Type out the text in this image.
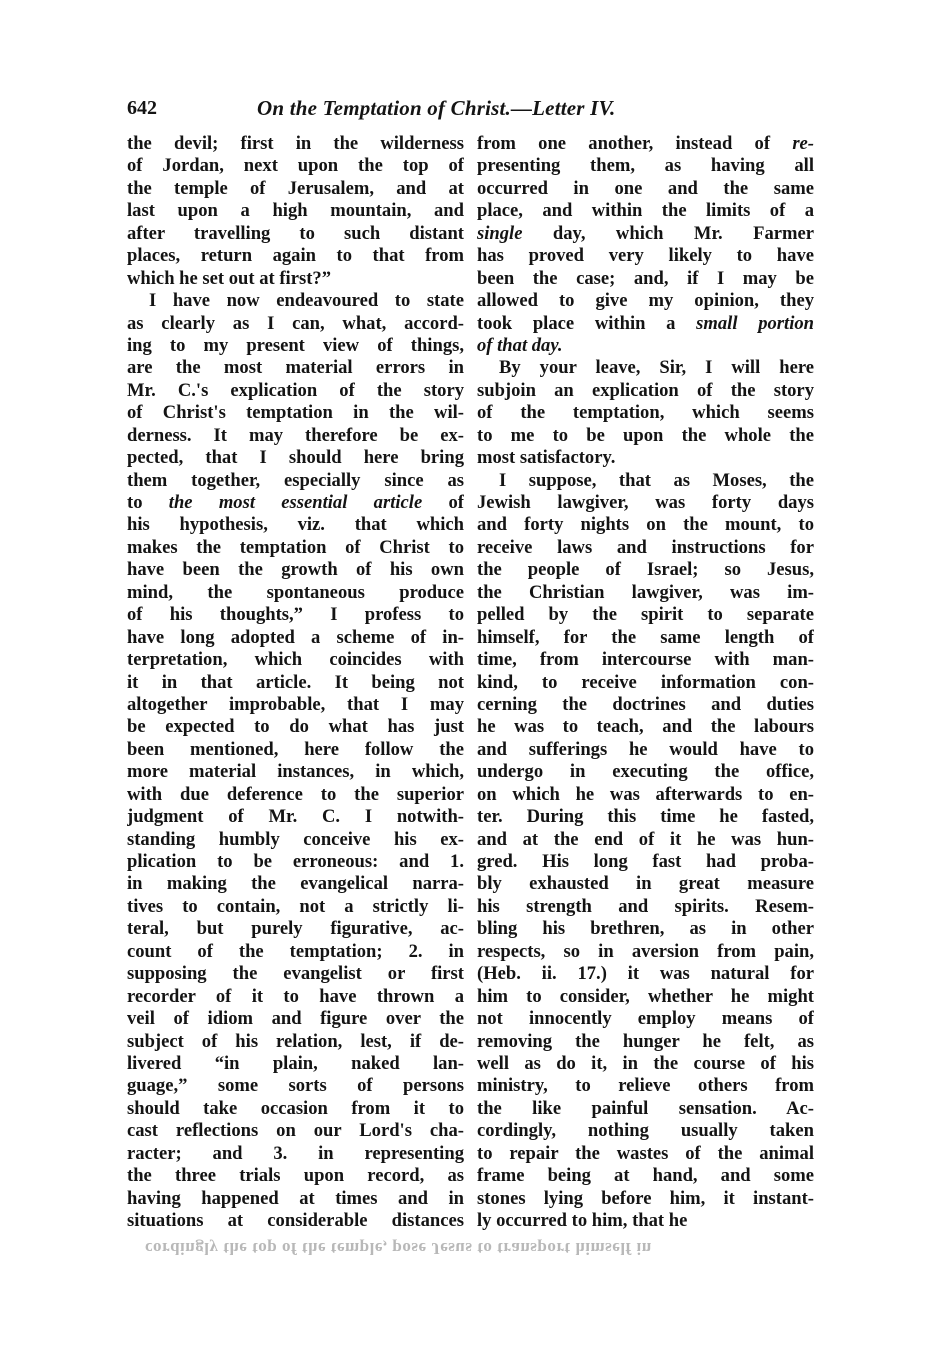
642	On the Temptation of Christ.—Letter IV.
the devil; first in the wilderness
of Jordan, next upon the top of
the temple of Jerusalem, and at
last upon a high mountain, and
after travelling to such distant
places, return again to that from
which he set out at first?”
I have now endeavoured to state
as clearly as I can, what, accord-
ing to my present view of things,
are the most material errors in
Mr. C.'s explication of the story
of Christ's temptation in the wil-
derness. It may therefore be ex-
pected, that I should here bring
them together, especially since as
to the most essential article of
his hypothesis, viz. that which
makes the temptation of Christ to
have been the growth of his own
mind, the spontaneous produce
of his thoughts,” I profess to
have long adopted a scheme of in-
terpretation, which coincides with
it in that article. It being not
altogether improbable, that I may
be expected to do what has just
been mentioned, here follow the
more material instances, in which,
with due deference to the superior
judgment of Mr. C. I notwith-
standing humbly conceive his ex-
plication to be erroneous: and 1.
in making the evangelical narra-
tives to contain, not a strictly li-
teral, but purely figurative, ac-
count of the temptation; 2. in
supposing the evangelist or first
recorder of it to have thrown a
veil of idiom and figure over the
subject of his relation, lest, if de-
livered “in plain, naked lan-
guage,” some sorts of persons
should take occasion from it to
cast reflections on our Lord's cha-
racter; and 3. in representing
the three trials upon record, as
having happened at times and in
situations at considerable distances
from one another, instead of re-
presenting them, as having all
occurred in one and the same
place, and within the limits of a
single day, which Mr. Farmer
has proved very likely to have
been the case; and, if I may be
allowed to give my opinion, they
took place within a small portion
of that day.
By your leave, Sir, I will here
subjoin an explication of the story
of the temptation, which seems
to me to be upon the whole the
most satisfactory.
I suppose, that as Moses, the
Jewish lawgiver, was forty days
and forty nights on the mount, to
receive laws and instructions for
the people of Israel; so Jesus,
the Christian lawgiver, was im-
pelled by the spirit to separate
himself, for the same length of
time, from intercourse with man-
kind, to receive information con-
cerning the doctrines and duties
he was to teach, and the labours
and sufferings he would have to
undergo in executing the office,
on which he was afterwards to en-
ter. During this time he fasted,
and at the end of it he was hun-
gred. His long fast had proba-
bly exhausted in great measure
his strength and spirits. Resem-
bling his brethren, as in other
respects, so in aversion from pain,
(Heb. ii. 17.) it was natural for
him to consider, whether he might
not innocently employ means of
removing the hunger he felt, as
well as do it, in the course of his
ministry, to relieve others from
the like painful sensation. Ac-
cordingly, nothing usually taken
to repair the wastes of the animal
frame being at hand, and some
stones lying before him, it instant-
ly occurred to him, that he
cordingly the top of the temple, pose Jesus to transport himself in
